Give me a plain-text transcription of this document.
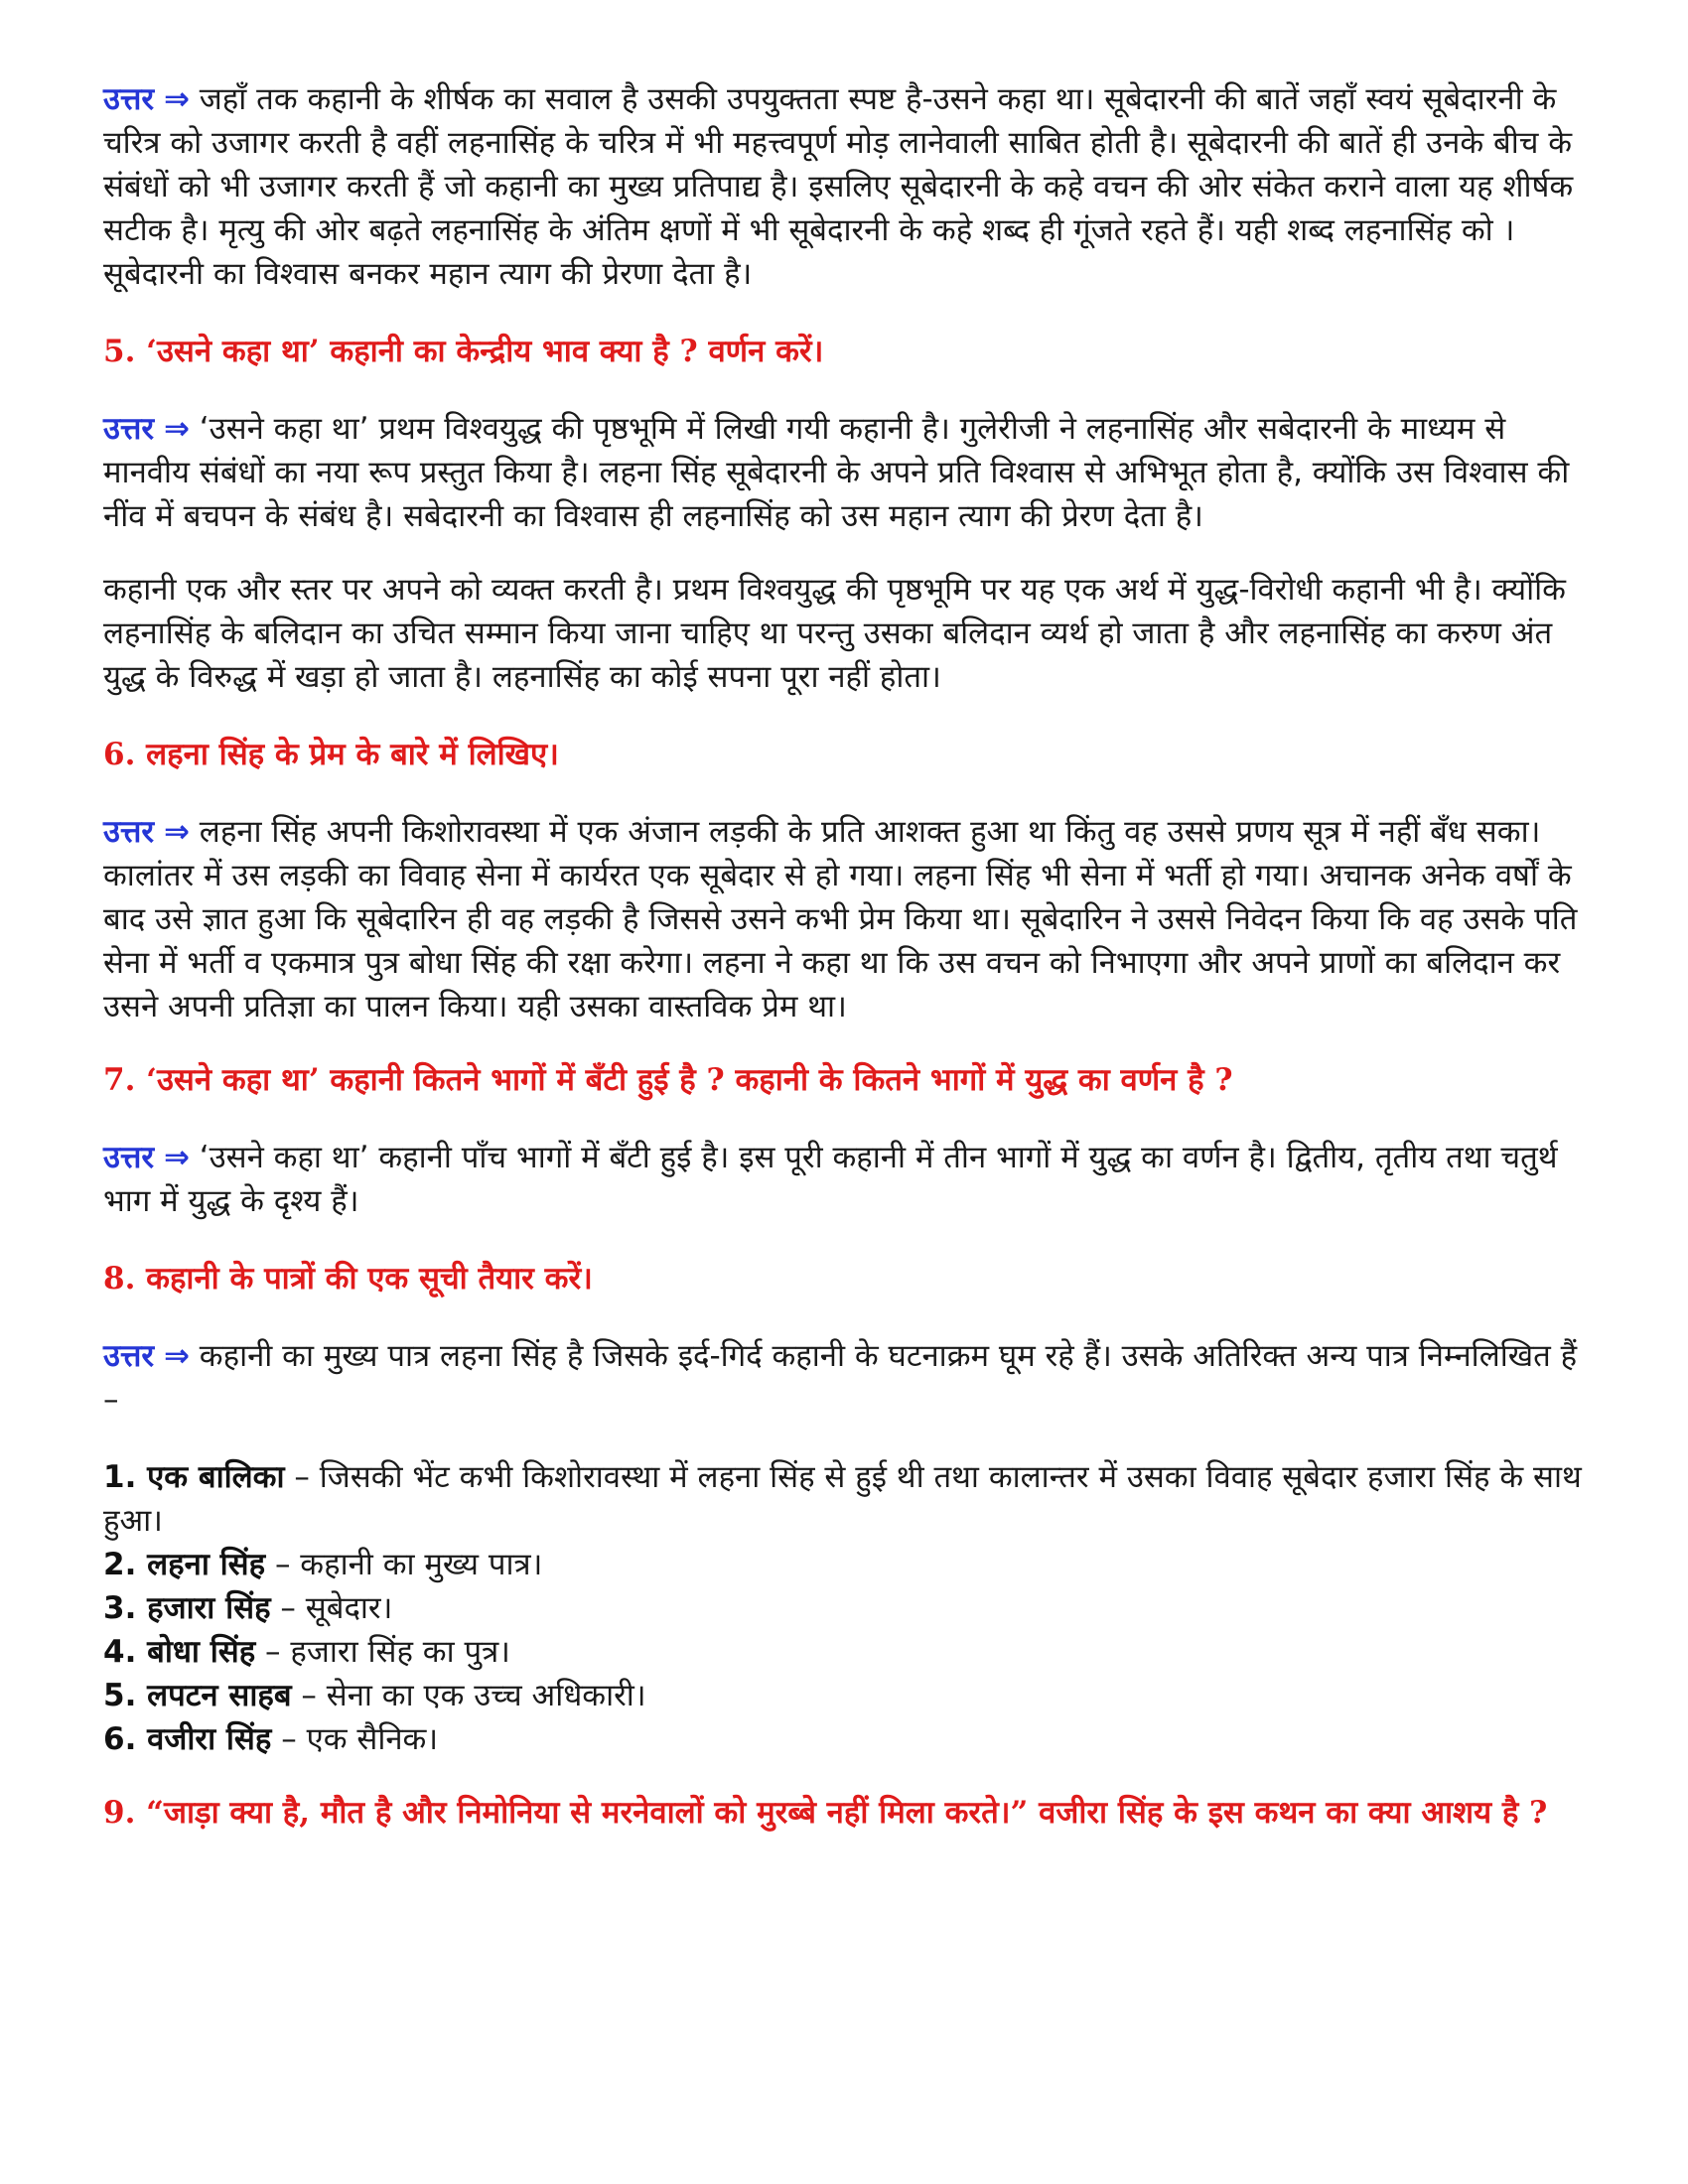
उत्तर ⇒ जहाँ तक कहानी के शीर्षक का सवाल है उसकी उपयुक्तता स्पष्ट है-उसने कहा था। सूबेदारनी की बातें जहाँ स्वयं सूबेदारनी के चरित्र को उजागर करती है वहीं लहनासिंह के चरित्र में भी महत्त्वपूर्ण मोड़ लानेवाली साबित होती है। सूबेदारनी की बातें ही उनके बीच के संबंधों को भी उजागर करती हैं जो कहानी का मुख्य प्रतिपाद्य है। इसलिए सूबेदारनी के कहे वचन की ओर संकेत कराने वाला यह शीर्षक सटीक है। मृत्यु की ओर बढ़ते लहनासिंह के अंतिम क्षणों में भी सूबेदारनी के कहे शब्द ही गूंजते रहते हैं। यही शब्द लहनासिंह को । सूबेदारनी का विश्वास बनकर महान त्याग की प्रेरणा देता है।

5. ‘उसने कहा था’ कहानी का केन्द्रीय भाव क्या है ? वर्णन करें।

उत्तर ⇒ ‘उसने कहा था’ प्रथम विश्वयुद्ध की पृष्ठभूमि में लिखी गयी कहानी है। गुलेरीजी ने लहनासिंह और सबेदारनी के माध्यम से मानवीय संबंधों का नया रूप प्रस्तुत किया है। लहना सिंह सूबेदारनी के अपने प्रति विश्वास से अभिभूत होता है, क्योंकि उस विश्वास की नींव में बचपन के संबंध है। सबेदारनी का विश्वास ही लहनासिंह को उस महान त्याग की प्रेरण देता है।

कहानी एक और स्तर पर अपने को व्यक्त करती है। प्रथम विश्वयुद्ध की पृष्ठभूमि पर यह एक अर्थ में युद्ध-विरोधी कहानी भी है। क्योंकि लहनासिंह के बलिदान का उचित सम्मान किया जाना चाहिए था परन्तु उसका बलिदान व्यर्थ हो जाता है और लहनासिंह का करुण अंत

युद्ध के विरुद्ध में खड़ा हो जाता है। लहनासिंह का कोई सपना पूरा नहीं होता।

6. लहना सिंह के प्रेम के बारे में लिखिए।

उत्तर ⇒ लहना सिंह अपनी किशोरावस्था में एक अंजान लड़की के प्रति आशक्त हुआ था किंतु वह उससे प्रणय सूत्र में नहीं बँध सका। कालांतर में उस लड़की का विवाह सेना में कार्यरत एक सूबेदार से हो गया। लहना सिंह भी सेना में भर्ती हो गया। अचानक अनेक वर्षों के बाद उसे ज्ञात हुआ कि सूबेदारिन ही वह लड़की है जिससे उसने कभी प्रेम किया था। सूबेदारिन ने उससे निवेदन किया कि वह उसके पति सेना में भर्ती व एकमात्र पुत्र बोधा सिंह की रक्षा करेगा। लहना ने कहा था कि उस वचन को निभाएगा और अपने प्राणों का बलिदान कर उसने अपनी प्रतिज्ञा का पालन किया। यही उसका वास्तविक प्रेम था।

7. ‘उसने कहा था’ कहानी कितने भागों में बँटी हुई है ? कहानी के कितने भागों में युद्ध का वर्णन है ?

उत्तर ⇒ ‘उसने कहा था’ कहानी पाँच भागों में बँटी हुई है। इस पूरी कहानी में तीन भागों में युद्ध का वर्णन है। द्वितीय, तृतीय तथा चतुर्थ भाग में युद्ध के दृश्य हैं।

8. कहानी के पात्रों की एक सूची तैयार करें।

उत्तर ⇒ कहानी का मुख्य पात्र लहना सिंह है जिसके इर्द-गिर्द कहानी के घटनाक्रम घूम रहे हैं। उसके अतिरिक्त अन्य पात्र निम्नलिखित हैं –

1. एक बालिका – जिसकी भेंट कभी किशोरावस्था में लहना सिंह से हुई थी तथा कालान्तर में उसका विवाह सूबेदार हजारा सिंह के साथ हुआ।

2. लहना सिंह – कहानी का मुख्य पात्र।

3. हजारा सिंह – सूबेदार।

4. बोधा सिंह – हजारा सिंह का पुत्र।

5. लपटन साहब – सेना का एक उच्च अधिकारी।

6. वजीरा सिंह – एक सैनिक।

9. “जाड़ा क्या है, मौत है और निमोनिया से मरनेवालों को मुरब्बे नहीं मिला करते।” वजीरा सिंह के इस कथन का क्या आशय है ?
